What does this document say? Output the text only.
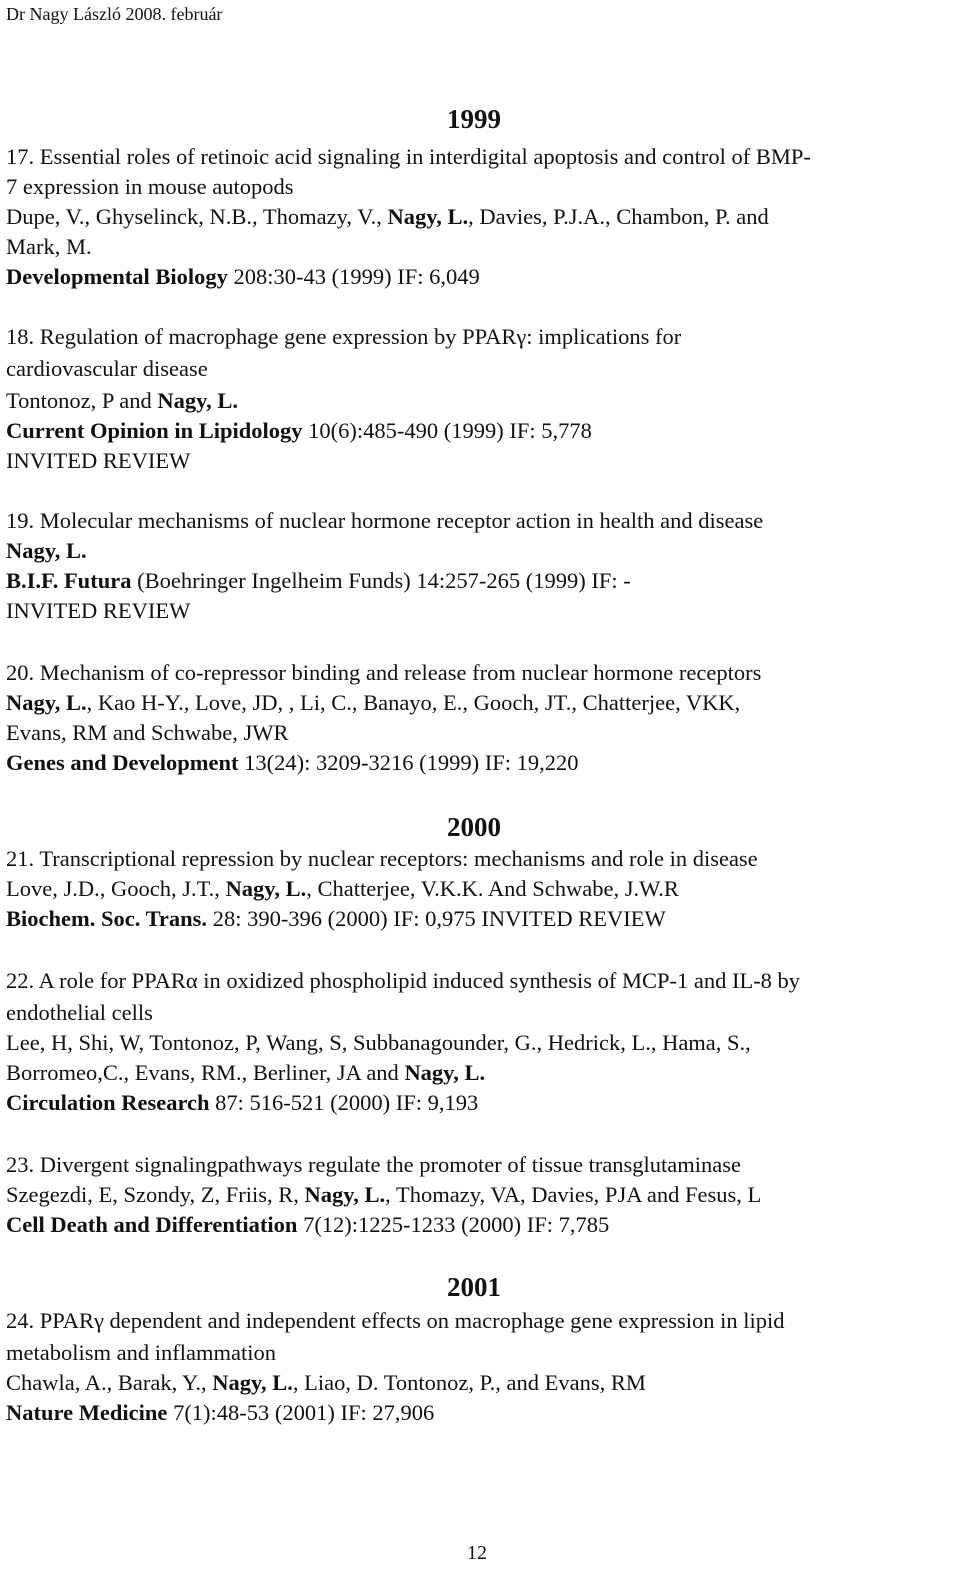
Dr Nagy László 2008. február
1999
17. Essential roles of retinoic acid signaling in interdigital apoptosis and control of BMP-
7 expression in mouse autopods
Dupe, V., Ghyselinck, N.B., Thomazy, V., Nagy, L., Davies, P.J.A., Chambon, P. and
Mark, M.
Developmental Biology 208:30-43 (1999) IF: 6,049
18. Regulation of macrophage gene expression by PPARγ: implications for
cardiovascular disease
Tontonoz, P and Nagy, L.
Current Opinion in Lipidology 10(6):485-490 (1999) IF: 5,778
INVITED REVIEW
19. Molecular mechanisms of nuclear hormone receptor action in health and disease
Nagy, L.
B.I.F. Futura (Boehringer Ingelheim Funds) 14:257-265 (1999) IF: -
INVITED REVIEW
20. Mechanism of co-repressor binding and release from nuclear hormone receptors
Nagy, L., Kao H-Y., Love, JD, , Li, C., Banayo, E., Gooch, JT., Chatterjee, VKK,
Evans, RM and Schwabe, JWR
Genes and Development 13(24): 3209-3216 (1999) IF: 19,220
2000
21. Transcriptional repression by nuclear receptors: mechanisms and role in disease
Love, J.D., Gooch, J.T., Nagy, L., Chatterjee, V.K.K. And Schwabe, J.W.R
Biochem. Soc. Trans. 28: 390-396 (2000) IF: 0,975 INVITED REVIEW
22. A role for PPARα in oxidized phospholipid induced synthesis of MCP-1 and IL-8 by
endothelial cells
Lee, H, Shi, W, Tontonoz, P, Wang, S, Subbanagounder, G., Hedrick, L., Hama, S.,
Borromeo,C., Evans, RM., Berliner, JA and Nagy, L.
Circulation Research 87: 516-521 (2000) IF: 9,193
23. Divergent signalingpathways regulate the promoter of tissue transglutaminase
Szegezdi, E, Szondy, Z, Friis, R, Nagy, L., Thomazy, VA, Davies, PJA and Fesus, L
Cell Death and Differentiation 7(12):1225-1233 (2000) IF: 7,785
2001
24. PPARγ dependent and independent effects on macrophage gene expression in lipid
metabolism and inflammation
Chawla, A., Barak, Y., Nagy, L., Liao, D. Tontonoz, P., and Evans, RM
Nature Medicine 7(1):48-53 (2001) IF: 27,906
12
